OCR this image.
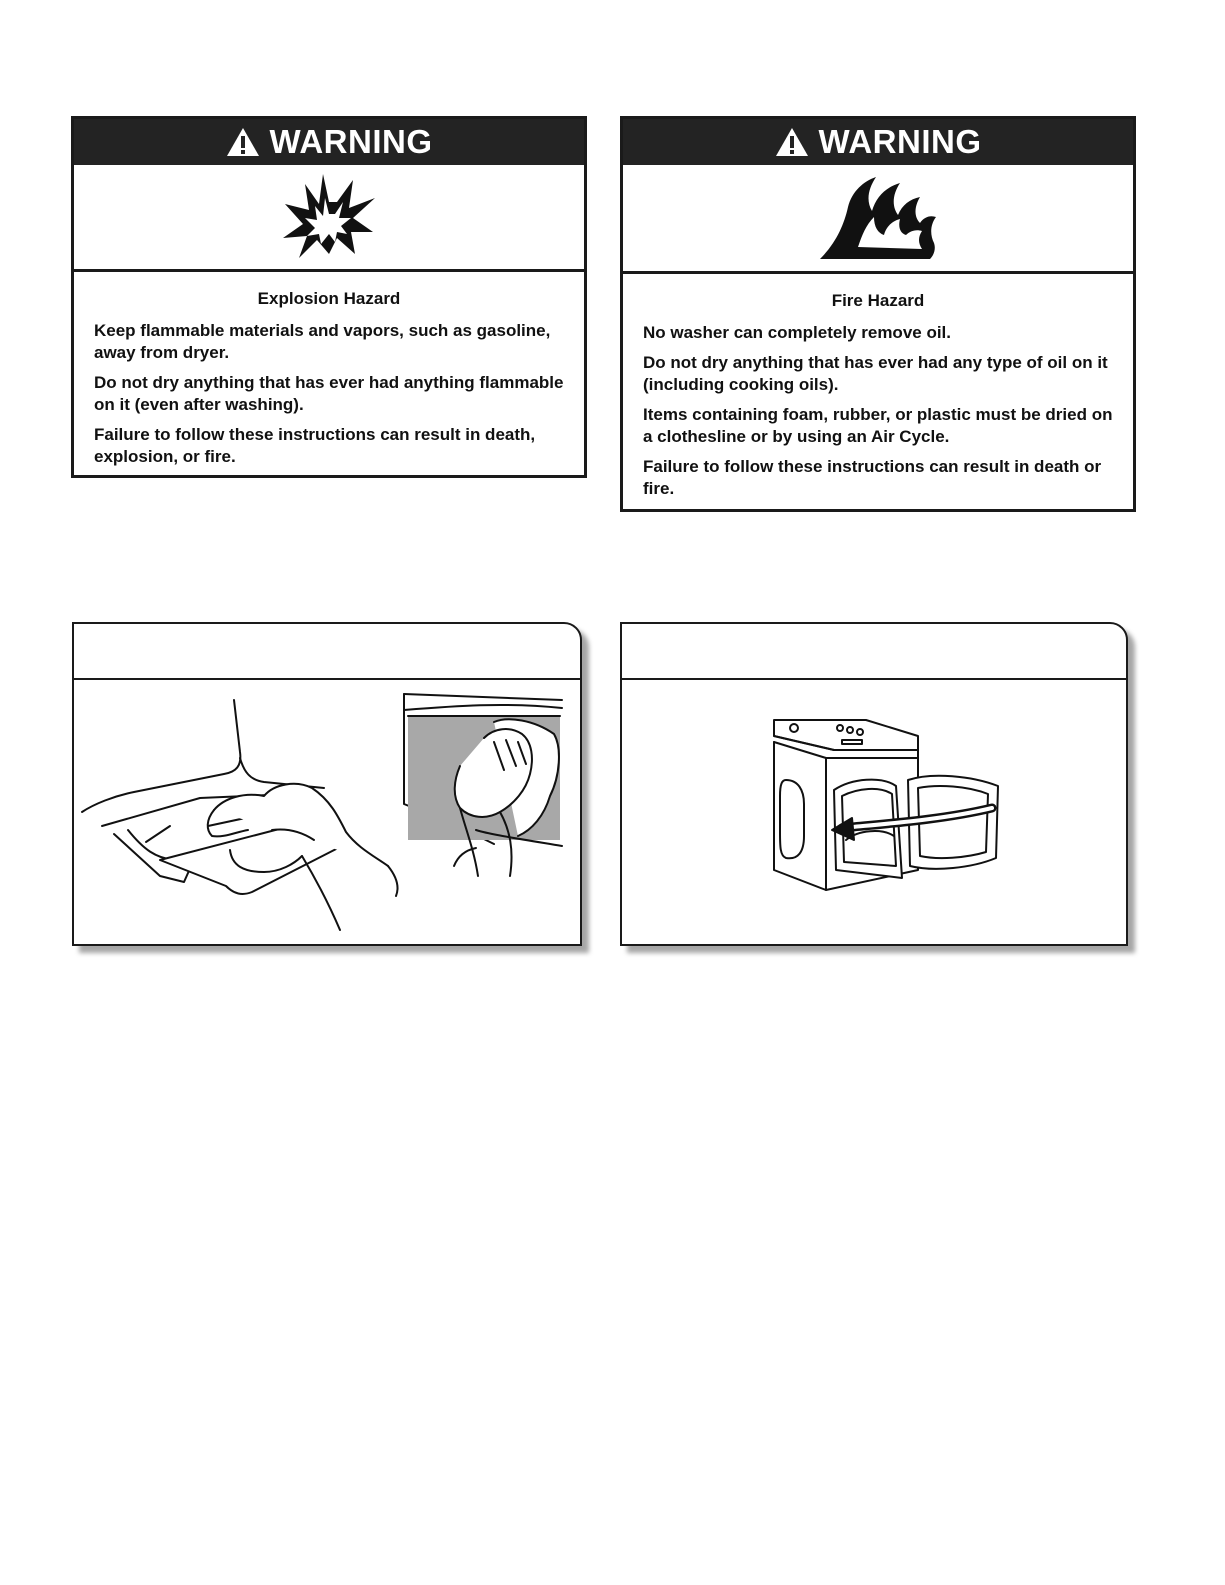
WARNING

Explosion Hazard

Keep flammable materials and vapors, such as gasoline, away from dryer.

Do not dry anything that has ever had anything flammable on it (even after washing).

Failure to follow these instructions can result in death, explosion, or fire.

WARNING

Fire Hazard

No washer can completely remove oil.

Do not dry anything that has ever had any type of oil on it (including cooking oils).

Items containing foam, rubber, or plastic must be dried on a clothesline or by using an Air Cycle.

Failure to follow these instructions can result in death or fire.
